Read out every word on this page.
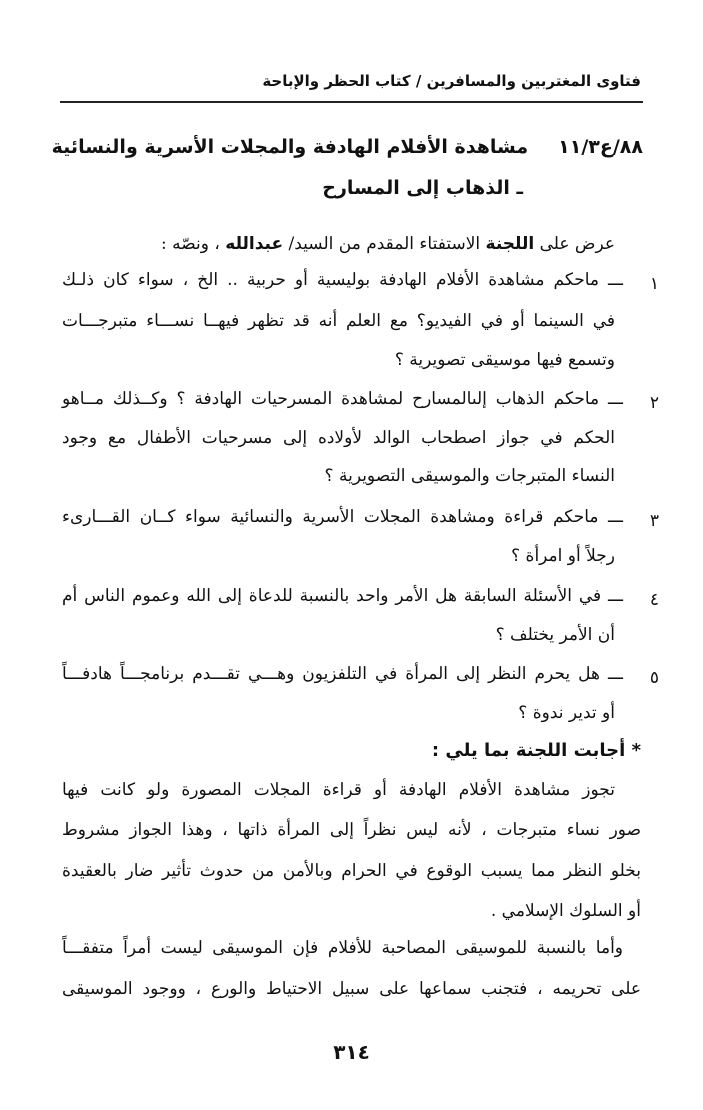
فتاوى المغتربين والمسافرين / كتاب الحظر والإباحة
٨٨/ع١١/٣مشاهدة الأفلام الهادفة والمجلات الأسرية والنسائية
ـ الذهاب إلى المسارح
عرض على اللجنة الاستفتاء المقدم من السيد/ عبدالله ، ونصّه :
١
ـــ ماحكم مشاهدة الأفلام الهادفة بوليسية أو حربية .. الخ ، سواء كان ذلـك
في السينما أو في الفيديو؟ مع العلم أنه قد تظهر فيهــا نســـاء متبرجـــات
وتسمع فيها موسيقى تصويرية ؟
٢
ـــ ماحكم الذهاب إلىالمسارح لمشاهدة المسرحيات الهادفة ؟ وكــذلك مــاهو
الحكم في جواز اصطحاب الوالد لأولاده إلى مسرحيات الأطفال مع وجود
النساء المتبرجات والموسيقى التصويرية ؟
٣
ـــ ماحكم قراءة ومشاهدة المجلات الأسرية والنسائية سواء كــان القـــارىء
رجلاً أو امرأة ؟
٤
ـــ في الأسئلة السابقة هل الأمر واحد بالنسبة للدعاة إلى الله وعموم الناس أم
أن الأمر يختلف ؟
٥
ـــ هل يحرم النظر إلى المرأة في التلفزيون وهـــي تقـــدم برنامجـــاً هادفـــاً
أو تدير ندوة ؟
* أجابت اللجنة بما يلي :
تجوز مشاهدة الأفلام الهادفة أو قراءة المجلات المصورة ولو كانت فيها
صور نساء متبرجات ، لأنه ليس نظراً إلى المرأة ذاتها ، وهذا الجواز مشروط
بخلو النظر مما يسبب الوقوع في الحرام وبالأمن من حدوث تأثير ضار بالعقيدة
أو السلوك الإسلامي .
وأما بالنسبة للموسيقى المصاحبة للأفلام فإن الموسيقى ليست أمراً متفقـــاً
على تحريمه ، فتجنب سماعها على سبيل الاحتياط والورع ، ووجود الموسيقى
٣١٤
